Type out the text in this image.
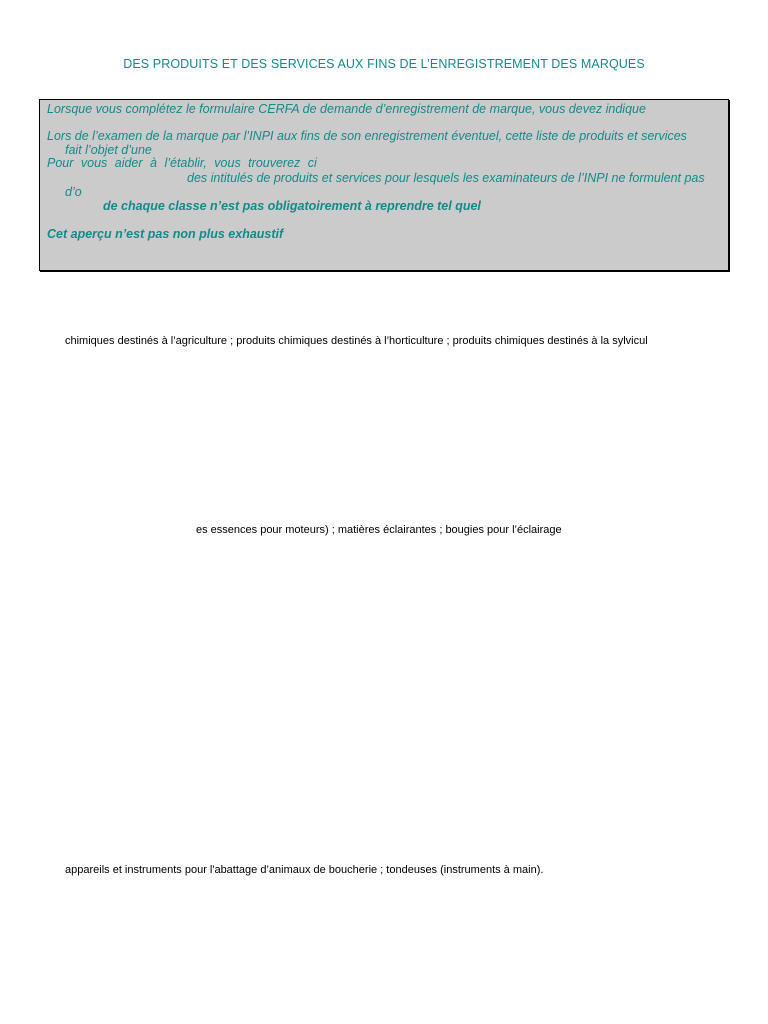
DES PRODUITS ET DES SERVICES AUX FINS DE L’ENREGISTREMENT DES MARQUES
Lorsque vous complétez le formulaire CERFA de demande d’enregistrement de marque, vous devez indique
Lors de l’examen de la marque par l’INPI aux fins de son enregistrement éventuel, cette liste de produits et services
fait l’objet d’une
Pour vous aider à l’établir, vous trouverez ci
des intitulés de produits et services pour lesquels les examinateurs de l’INPI ne formulent pas
d’o
de chaque classe n’est pas obligatoirement à reprendre tel quel
Cet aperçu n’est pas non plus exhaustif
chimiques destinés à l’agriculture ; produits chimiques destinés à l’horticulture ; produits chimiques destinés à la sylvicul
es essences pour moteurs) ; matières éclairantes ; bougies pour l’éclairage
appareils et instruments pour l'abattage d’animaux de boucherie ; tondeuses (instruments à main).
